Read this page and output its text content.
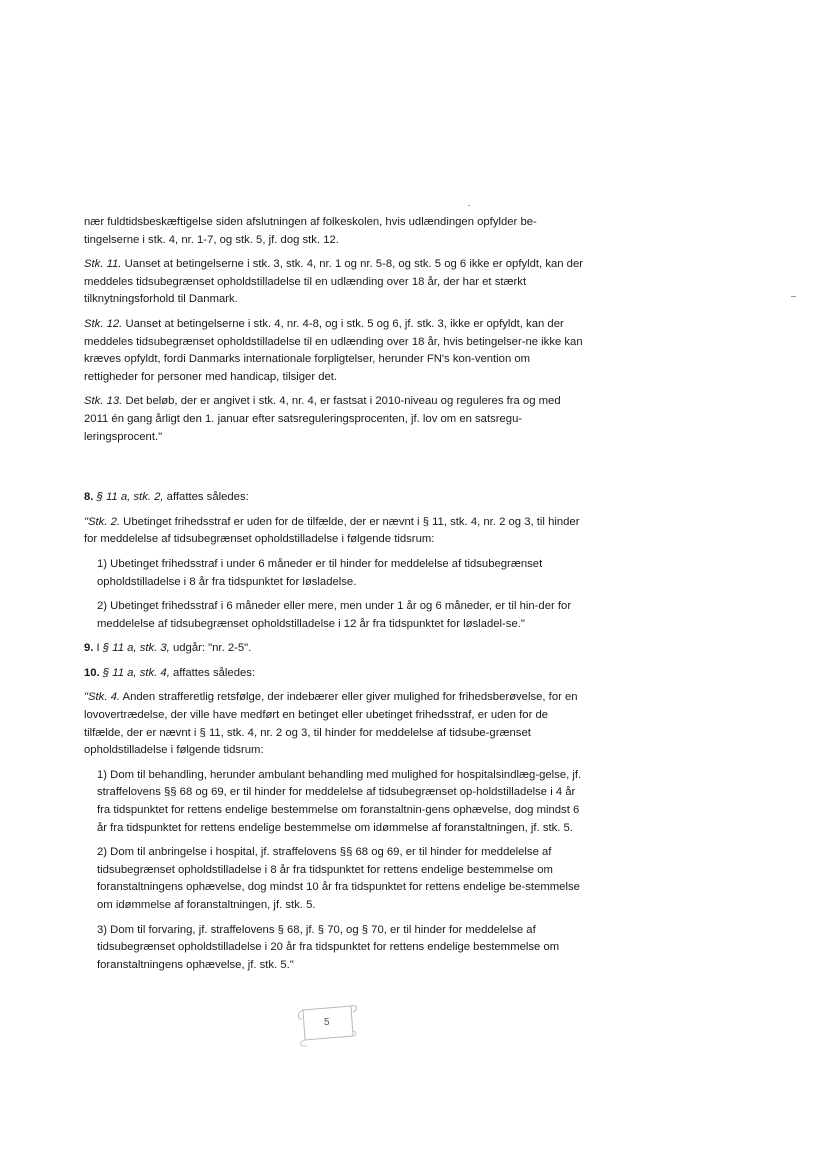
nær fuldtidsbeskæftigelse siden afslutningen af folkeskolen, hvis udlændingen opfylder be-tingelserne i stk. 4, nr. 1-7, og stk. 5, jf. dog stk. 12.

Stk. 11. Uanset at betingelserne i stk. 3, stk. 4, nr. 1 og nr. 5-8, og stk. 5 og 6 ikke er opfyldt, kan der meddeles tidsubegrænset opholdstilladelse til en udlænding over 18 år, der har et stærkt tilknytningsforhold til Danmark.

Stk. 12. Uanset at betingelserne i stk. 4, nr. 4-8, og i stk. 5 og 6, jf. stk. 3, ikke er opfyldt, kan der meddeles tidsubegrænset opholdstilladelse til en udlænding over 18 år, hvis betingelser-ne ikke kan kræves opfyldt, fordi Danmarks internationale forpligtelser, herunder FN's kon-vention om rettigheder for personer med handicap, tilsiger det.

Stk. 13. Det beløb, der er angivet i stk. 4, nr. 4, er fastsat i 2010-niveau og reguleres fra og med 2011 én gang årligt den 1. januar efter satsreguleringsprocenten, jf. lov om en satsregu-leringsprocent."

8. § 11 a, stk. 2, affattes således:

"Stk. 2. Ubetinget frihedsstraf er uden for de tilfælde, der er nævnt i § 11, stk. 4, nr. 2 og 3, til hinder for meddelelse af tidsubegrænset opholdstilladelse i følgende tidsrum:

1) Ubetinget frihedsstraf i under 6 måneder er til hinder for meddelelse af tidsubegrænset opholdstilladelse i 8 år fra tidspunktet for løsladelse.

2) Ubetinget frihedsstraf i 6 måneder eller mere, men under 1 år og 6 måneder, er til hin-der for meddelelse af tidsubegrænset opholdstilladelse i 12 år fra tidspunktet for løsladel-se."

9. I § 11 a, stk. 3, udgår: "nr. 2-5".

10. § 11 a, stk. 4, affattes således:

"Stk. 4. Anden strafferetlig retsfølge, der indebærer eller giver mulighed for frihedsberøvelse, for en lovovertrædelse, der ville have medført en betinget eller ubetinget frihedsstraf, er uden for de tilfælde, der er nævnt i § 11, stk. 4, nr. 2 og 3, til hinder for meddelelse af tidsube-grænset opholdstilladelse i følgende tidsrum:

1) Dom til behandling, herunder ambulant behandling med mulighed for hospitalsindlæg-gelse, jf. straffelovens §§ 68 og 69, er til hinder for meddelelse af tidsubegrænset op-holdstilladelse i 4 år fra tidspunktet for rettens endelige bestemmelse om foranstaltnin-gens ophævelse, dog mindst 6 år fra tidspunktet for rettens endelige bestemmelse om idømmelse af foranstaltningen, jf. stk. 5.

2) Dom til anbringelse i hospital, jf. straffelovens §§ 68 og 69, er til hinder for meddelelse af tidsubegrænset opholdstilladelse i 8 år fra tidspunktet for rettens endelige bestemmelse om foranstaltningens ophævelse, dog mindst 10 år fra tidspunktet for rettens endelige be-stemmelse om idømmelse af foranstaltningen, jf. stk. 5.

3) Dom til forvaring, jf. straffelovens § 68, jf. § 70, og § 70, er til hinder for meddelelse af tidsubegrænset opholdstilladelse i 20 år fra tidspunktet for rettens endelige bestemmelse om foranstaltningens ophævelse, jf. stk. 5."

5
